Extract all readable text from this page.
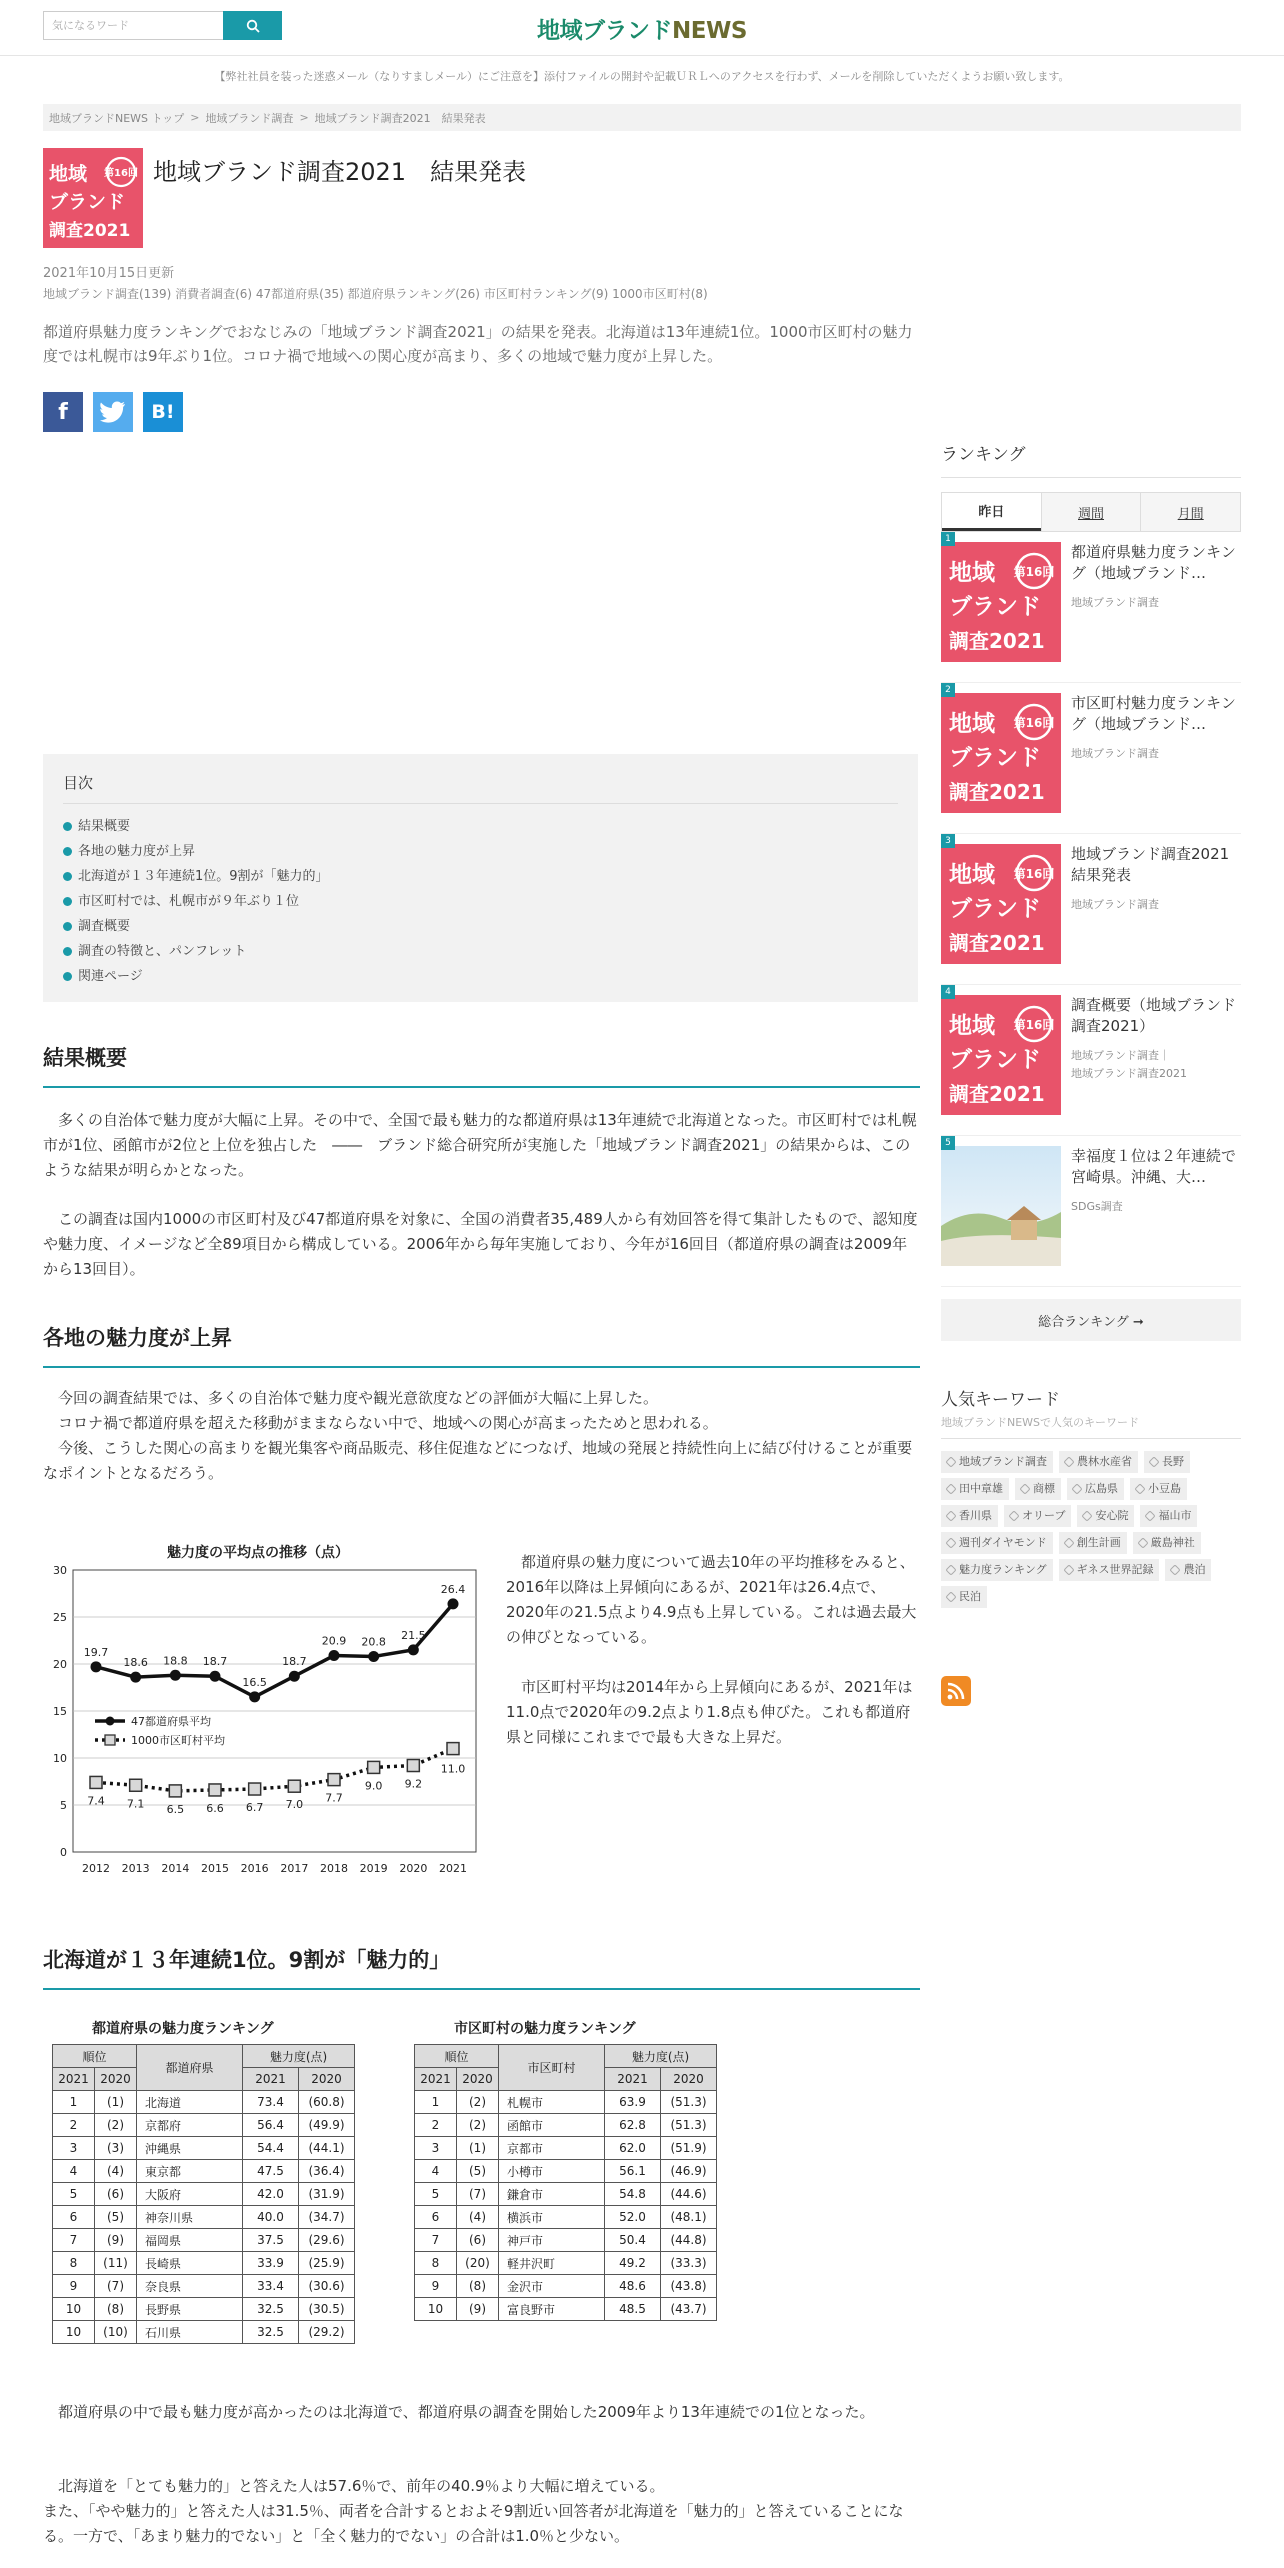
気になるワード
地域ブランドNEWS
【弊社社員を装った迷惑メール（なりすましメール）にご注意を】添付ファイルの開封や記載ＵＲＬへのアクセスを行わず、メールを削除していただくようお願い致します。
地域ブランドNEWS トップ > 地域ブランド調査 > 地域ブランド調査2021　結果発表
地域 第16回
ブランド
調査2021
地域ブランド調査2021　結果発表
2021年10月15日更新
地域ブランド調査(139) 消費者調査(6) 47都道府県(35) 都道府県ランキング(26) 市区町村ランキング(9) 1000市区町村(8)

都道府県魅力度ランキングでおなじみの「地域ブランド調査2021」の結果を発表。北海道は13年連続1位。1000市区町村の魅力度では札幌市は9年ぶり1位。コロナ禍で地域への関心度が高まり、多くの地域で魅力度が上昇した。

f	B!
目次
結果概要
各地の魅力度が上昇
北海道が１３年連続1位。9割が「魅力的」
市区町村では、札幌市が９年ぶり１位
調査概要
調査の特徴と、パンフレット
関連ページ
結果概要

　多くの自治体で魅力度が大幅に上昇。その中で、全国で最も魅力的な都道府県は13年連続で北海道となった。市区町村では札幌市が1位、函館市が2位と上位を独占した　――　ブランド総合研究所が実施した「地域ブランド調査2021」の結果からは、このような結果が明らかとなった。

　この調査は国内1000の市区町村及び47都道府県を対象に、全国の消費者35,489人から有効回答を得て集計したもので、認知度や魅力度、イメージなど全89項目から構成している。2006年から毎年実施しており、今年が16回目（都道府県の調査は2009年から13回目）。

各地の魅力度が上昇

　今回の調査結果では、多くの自治体で魅力度や観光意欲度などの評価が大幅に上昇した。

　コロナ禍で都道府県を超えた移動がままならない中で、地域への関心が高まったためと思われる。

　今後、こうした関心の高まりを観光集客や商品販売、移住促進などにつなげ、地域の発展と持続性向上に結び付けることが重要なポイントとなるだろう。

魅力度の平均点の推移（点）
0
5
10
15
20
25
30
2012 2013 2014 2015 2016 2017 2018 2019 2020 2021
19.7
18.6 18.8 18.7
16.5
18.7
20.9 20.8
21.5
26.4
7.4 7.1 6.5 6.6 6.7 7.0
7.7
9.0 9.2
11.0
47都道府県平均
1000市区町村平均

　都道府県の魅力度について過去10年の平均推移をみると、2016年以降は上昇傾向にあるが、2021年は26.4点で、2020年の21.5点より4.9点も上昇している。これは過去最大の伸びとなっている。

　市区町村平均は2014年から上昇傾向にあるが、2021年は11.0点で2020年の9.2点より1.8点も伸びた。これも都道府県と同様にこれまでで最も大きな上昇だ。

北海道が１３年連続1位。9割が「魅力的」
都道府県の魅力度ランキング
順位		都道府県	魅力度(点)	
2021	2020		2021	2020
1	(1)	北海道	73.4	(60.8)
2	(2)	京都府	56.4	(49.9)
3	(3)	沖縄県	54.4	(44.1)
4	(4)	東京都	47.5	(36.4)
5	(6)	大阪府	42.0	(31.9)
6	(5)	神奈川県	40.0	(34.7)
7	(9)	福岡県	37.5	(29.6)
8	(11)	長崎県	33.9	(25.9)
9	(7)	奈良県	33.4	(30.6)
10	(8)	長野県	32.5	(30.5)
10	(10)	石川県	32.5	(29.2)
市区町村の魅力度ランキング
順位		市区町村	魅力度(点)	
2021	2020		2021	2020
1	(2)	札幌市	63.9	(51.3)
2	(2)	函館市	62.8	(51.3)
3	(1)	京都市	62.0	(51.9)
4	(5)	小樽市	56.1	(46.9)
5	(7)	鎌倉市	54.8	(44.6)
6	(4)	横浜市	52.0	(48.1)
7	(6)	神戸市	50.4	(44.8)
8	(20)	軽井沢町	49.2	(33.3)
9	(8)	金沢市	48.6	(43.8)
10	(9)	富良野市	48.5	(43.7)

　都道府県の中で最も魅力度が高かったのは北海道で、都道府県の調査を開始した2009年より13年連続での1位となった。

　北海道を「とても魅力的」と答えた人は57.6％で、前年の40.9％より大幅に増えている。

また、「やや魅力的」と答えた人は31.5％、両者を合計するとおよそ9割近い回答者が北海道を「魅力的」と答えていることになる。一方で、「あまり魅力的でない」と「全く魅力的でない」の合計は1.0％と少ない。

ランキング
昨日	週間	月間
地域 第16回
ブランド
調査2021
1
都道府県魅力度ランキング（地域ブランド…
地域ブランド調査
地域 第16回
ブランド
調査2021
2
市区町村魅力度ランキング（地域ブランド…
地域ブランド調査
地域 第16回
ブランド
調査2021
3
地域ブランド調査2021　結果発表
地域ブランド調査
地域 第16回
ブランド
調査2021
4
調査概要（地域ブランド調査2021）
地域ブランド調査｜
地域ブランド調査2021
5
幸福度１位は２年連続で宮崎県。沖縄、大…
SDGs調査
総合ランキング ➞
人気キーワード
地域ブランドNEWSで人気のキーワード
地域ブランド調査	農林水産省	長野
田中章雄	商標	広島県	小豆島
香川県	オリーブ	安心院	福山市
週刊ダイヤモンド	創生計画	厳島神社
魅力度ランキング	ギネス世界記録	農泊
民泊
